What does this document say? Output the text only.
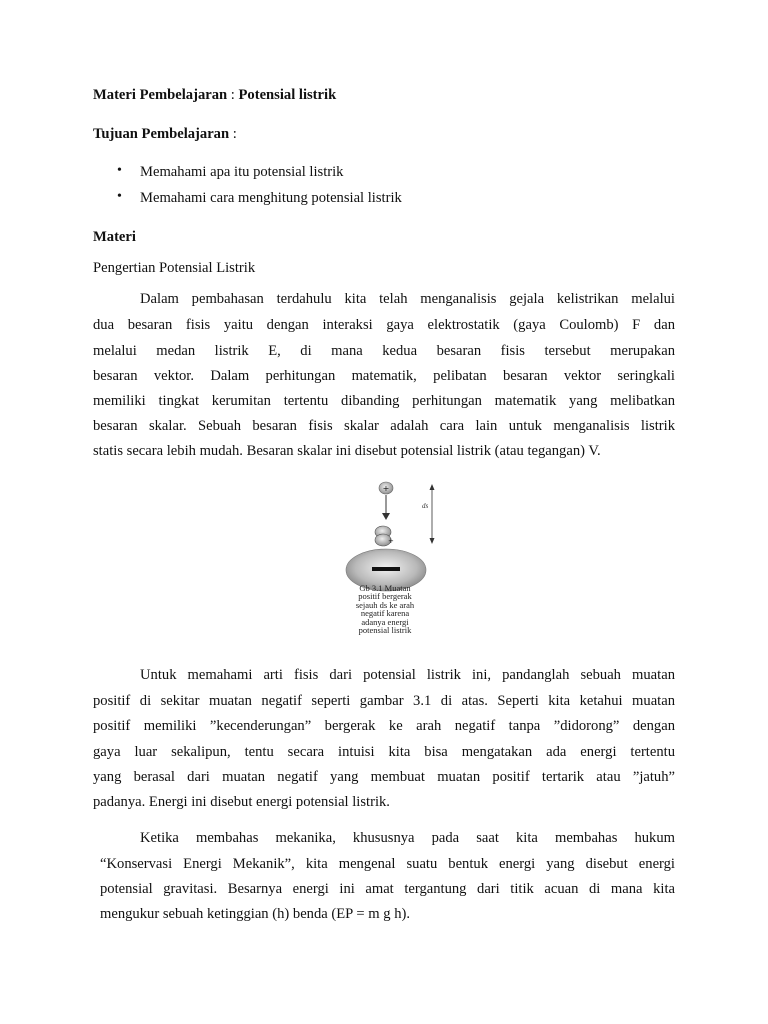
Materi Pembelajaran : Potensial listrik
Tujuan Pembelajaran :
• Memahami apa itu potensial listrik
• Memahami cara menghitung potensial listrik
Materi
Pengertian Potensial Listrik
Dalam pembahasan terdahulu kita telah menganalisis gejala kelistrikan melalui
dua besaran fisis yaitu dengan interaksi gaya elektrostatik (gaya Coulomb) F dan
melalui medan listrik E, di mana kedua besaran fisis tersebut merupakan
besaran vektor. Dalam perhitungan matematik, pelibatan besaran vektor seringkali
memiliki tingkat kerumitan tertentu dibanding perhitungan matematik yang melibatkan
besaran skalar. Sebuah besaran fisis skalar adalah cara lain untuk menganalisis listrik
statis secara lebih mudah. Besaran skalar ini disebut potensial listrik (atau tegangan) V.
+
ds
+
Gb 3.1 Muatan
positif bergerak
sejauh ds ke arah
negatif karena
adanya energi
potensial listrik
Untuk memahami arti fisis dari potensial listrik ini, pandanglah sebuah muatan
positif di sekitar muatan negatif seperti gambar 3.1 di atas. Seperti kita ketahui muatan
positif memiliki ”kecenderungan” bergerak ke arah negatif tanpa ”didorong” dengan
gaya luar sekalipun, tentu secara intuisi kita bisa mengatakan ada energi tertentu
yang berasal dari muatan negatif yang membuat muatan positif tertarik atau ”jatuh”
padanya. Energi ini disebut energi potensial listrik.
Ketika membahas mekanika, khususnya pada saat kita membahas hukum
“Konservasi Energi Mekanik”, kita mengenal suatu bentuk energi yang disebut energi
potensial gravitasi. Besarnya energi ini amat tergantung dari titik acuan di mana kita
mengukur sebuah ketinggian (h) benda (EP = m g h).
